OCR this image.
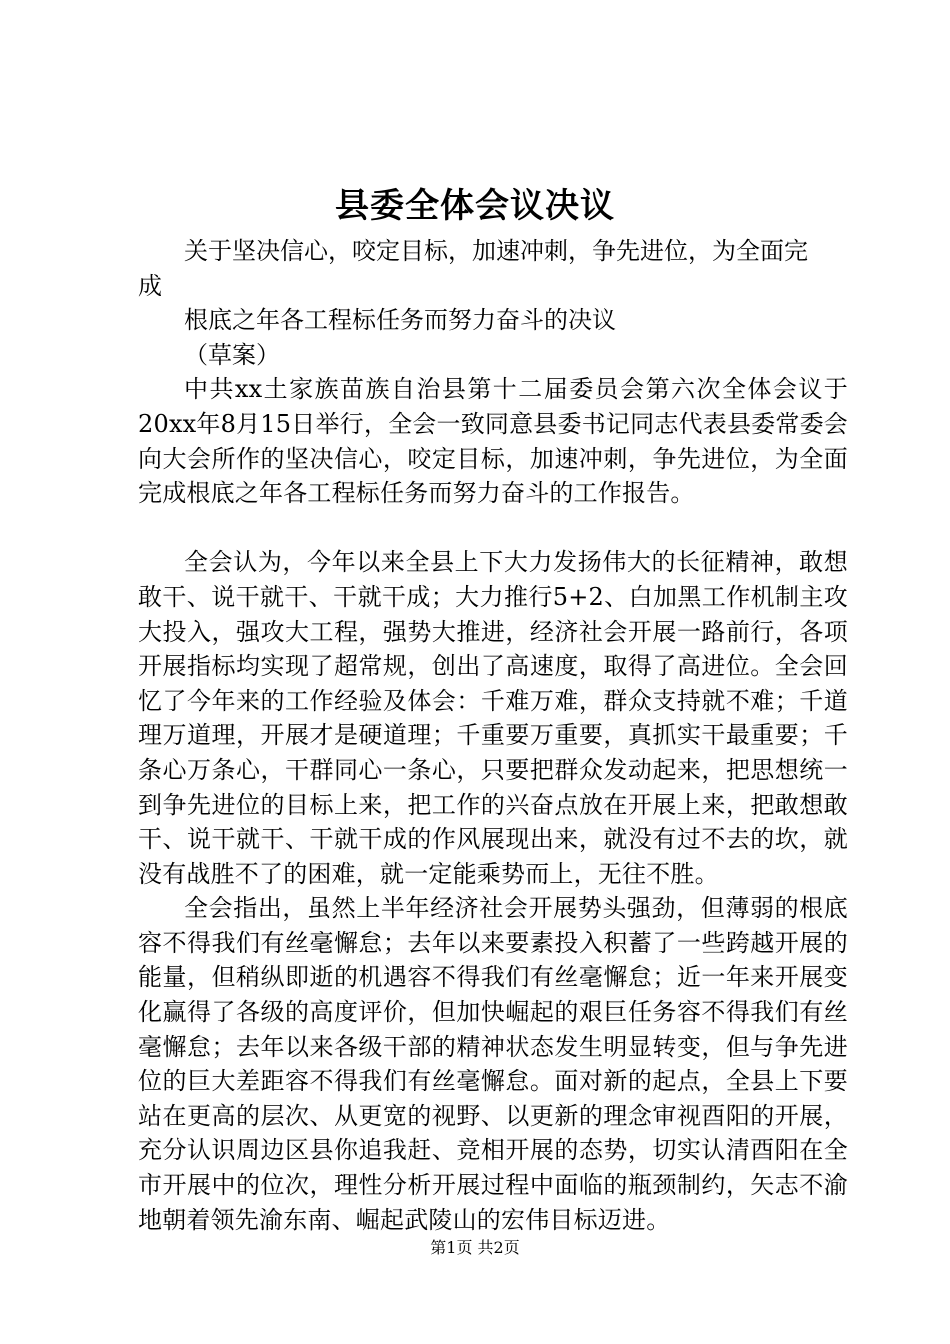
县委全体会议决议
关于坚决信心，咬定目标，加速冲刺，争先进位，为全面完
成
根底之年各工程标任务而努力奋斗的决议
（草案）

中共xx土家族苗族自治县第十二届委员会第六次全体会议于20xx年8月15日举行，全会一致同意县委书记同志代表县委常委会向大会所作的坚决信心，咬定目标，加速冲刺，争先进位，为全面完成根底之年各工程标任务而努力奋斗的工作报告。

全会认为，今年以来全县上下大力发扬伟大的长征精神，敢想敢干、说干就干、干就干成；大力推行5+2、白加黑工作机制主攻大投入，强攻大工程，强势大推进，经济社会开展一路前行，各项开展指标均实现了超常规，创出了高速度，取得了高进位。全会回忆了今年来的工作经验及体会：千难万难，群众支持就不难；千道理万道理，开展才是硬道理；千重要万重要，真抓实干最重要；千条心万条心，干群同心一条心，只要把群众发动起来，把思想统一到争先进位的目标上来，把工作的兴奋点放在开展上来，把敢想敢干、说干就干、干就干成的作风展现出来，就没有过不去的坎，就没有战胜不了的困难，就一定能乘势而上，无往不胜。

全会指出，虽然上半年经济社会开展势头强劲，但薄弱的根底容不得我们有丝毫懈怠；去年以来要素投入积蓄了一些跨越开展的能量，但稍纵即逝的机遇容不得我们有丝毫懈怠；近一年来开展变化赢得了各级的高度评价，但加快崛起的艰巨任务容不得我们有丝毫懈怠；去年以来各级干部的精神状态发生明显转变，但与争先进位的巨大差距容不得我们有丝毫懈怠。面对新的起点，全县上下要站在更高的层次、从更宽的视野、以更新的理念审视酉阳的开展，充分认识周边区县你追我赶、竞相开展的态势，切实认清酉阳在全市开展中的位次，理性分析开展过程中面临的瓶颈制约，矢志不渝地朝着领先渝东南、崛起武陵山的宏伟目标迈进。

第1页 共2页
